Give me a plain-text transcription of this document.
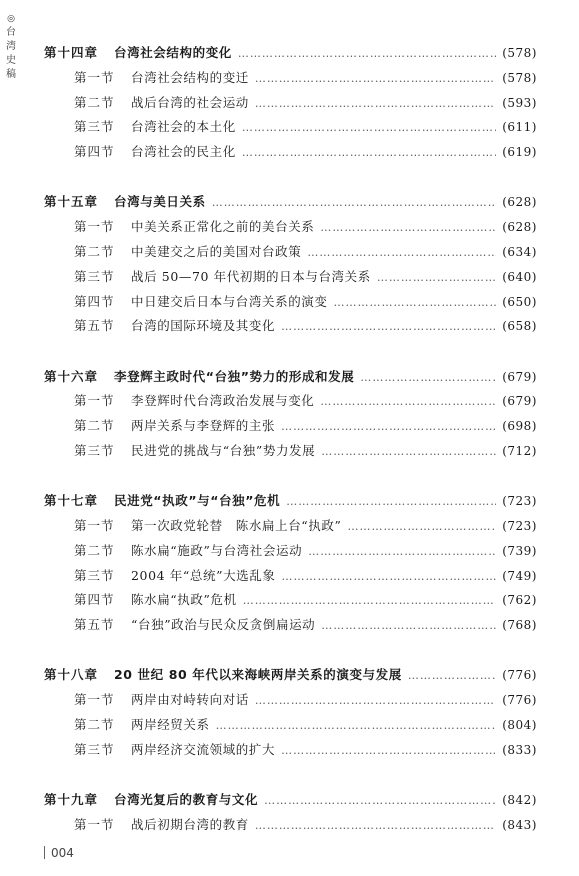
◎
台
湾
史
稿
第十四章	台湾社会结构的变化 ……………………………………………………………………………………………………………………………………………………………………	(578)
第一节	台湾社会结构的变迁 ……………………………………………………………………………………………………………………………………………………………………	(578)
第二节	战后台湾的社会运动 ……………………………………………………………………………………………………………………………………………………………………	(593)
第三节	台湾社会的本土化 ……………………………………………………………………………………………………………………………………………………………………	(611)
第四节	台湾社会的民主化 ……………………………………………………………………………………………………………………………………………………………………	(619)
第十五章	台湾与美日关系 ……………………………………………………………………………………………………………………………………………………………………	(628)
第一节	中美关系正常化之前的美台关系 ……………………………………………………………………………………………………………………………………………………………………	(628)
第二节	中美建交之后的美国对台政策 ……………………………………………………………………………………………………………………………………………………………………	(634)
第三节	战后 50—70 年代初期的日本与台湾关系 ……………………………………………………………………………………………………………………………………………………………………	(640)
第四节	中日建交后日本与台湾关系的演变 ……………………………………………………………………………………………………………………………………………………………………	(650)
第五节	台湾的国际环境及其变化 ……………………………………………………………………………………………………………………………………………………………………	(658)
第十六章	李登辉主政时代“台独”势力的形成和发展 ……………………………………………………………………………………………………………………………………………………………………	(679)
第一节	李登辉时代台湾政治发展与变化 ……………………………………………………………………………………………………………………………………………………………………	(679)
第二节	两岸关系与李登辉的主张 ……………………………………………………………………………………………………………………………………………………………………	(698)
第三节	民进党的挑战与“台独”势力发展 ……………………………………………………………………………………………………………………………………………………………………	(712)
第十七章	民进党“执政”与“台独”危机 ……………………………………………………………………………………………………………………………………………………………………	(723)
第一节	第一次政党轮替　陈水扁上台“执政” ……………………………………………………………………………………………………………………………………………………………………	(723)
第二节	陈水扁“施政”与台湾社会运动 ……………………………………………………………………………………………………………………………………………………………………	(739)
第三节	2004 年“总统”大选乱象 ……………………………………………………………………………………………………………………………………………………………………	(749)
第四节	陈水扁“执政”危机 ……………………………………………………………………………………………………………………………………………………………………	(762)
第五节	“台独”政治与民众反贪倒扁运动 ……………………………………………………………………………………………………………………………………………………………………	(768)
第十八章	20 世纪 80 年代以来海峡两岸关系的演变与发展 ……………………………………………………………………………………………………………………………………………………………………	(776)
第一节	两岸由对峙转向对话 ……………………………………………………………………………………………………………………………………………………………………	(776)
第二节	两岸经贸关系 ……………………………………………………………………………………………………………………………………………………………………	(804)
第三节	两岸经济交流领域的扩大 ……………………………………………………………………………………………………………………………………………………………………	(833)
第十九章	台湾光复后的教育与文化 ……………………………………………………………………………………………………………………………………………………………………	(842)
第一节	战后初期台湾的教育 ……………………………………………………………………………………………………………………………………………………………………	(843)
004
